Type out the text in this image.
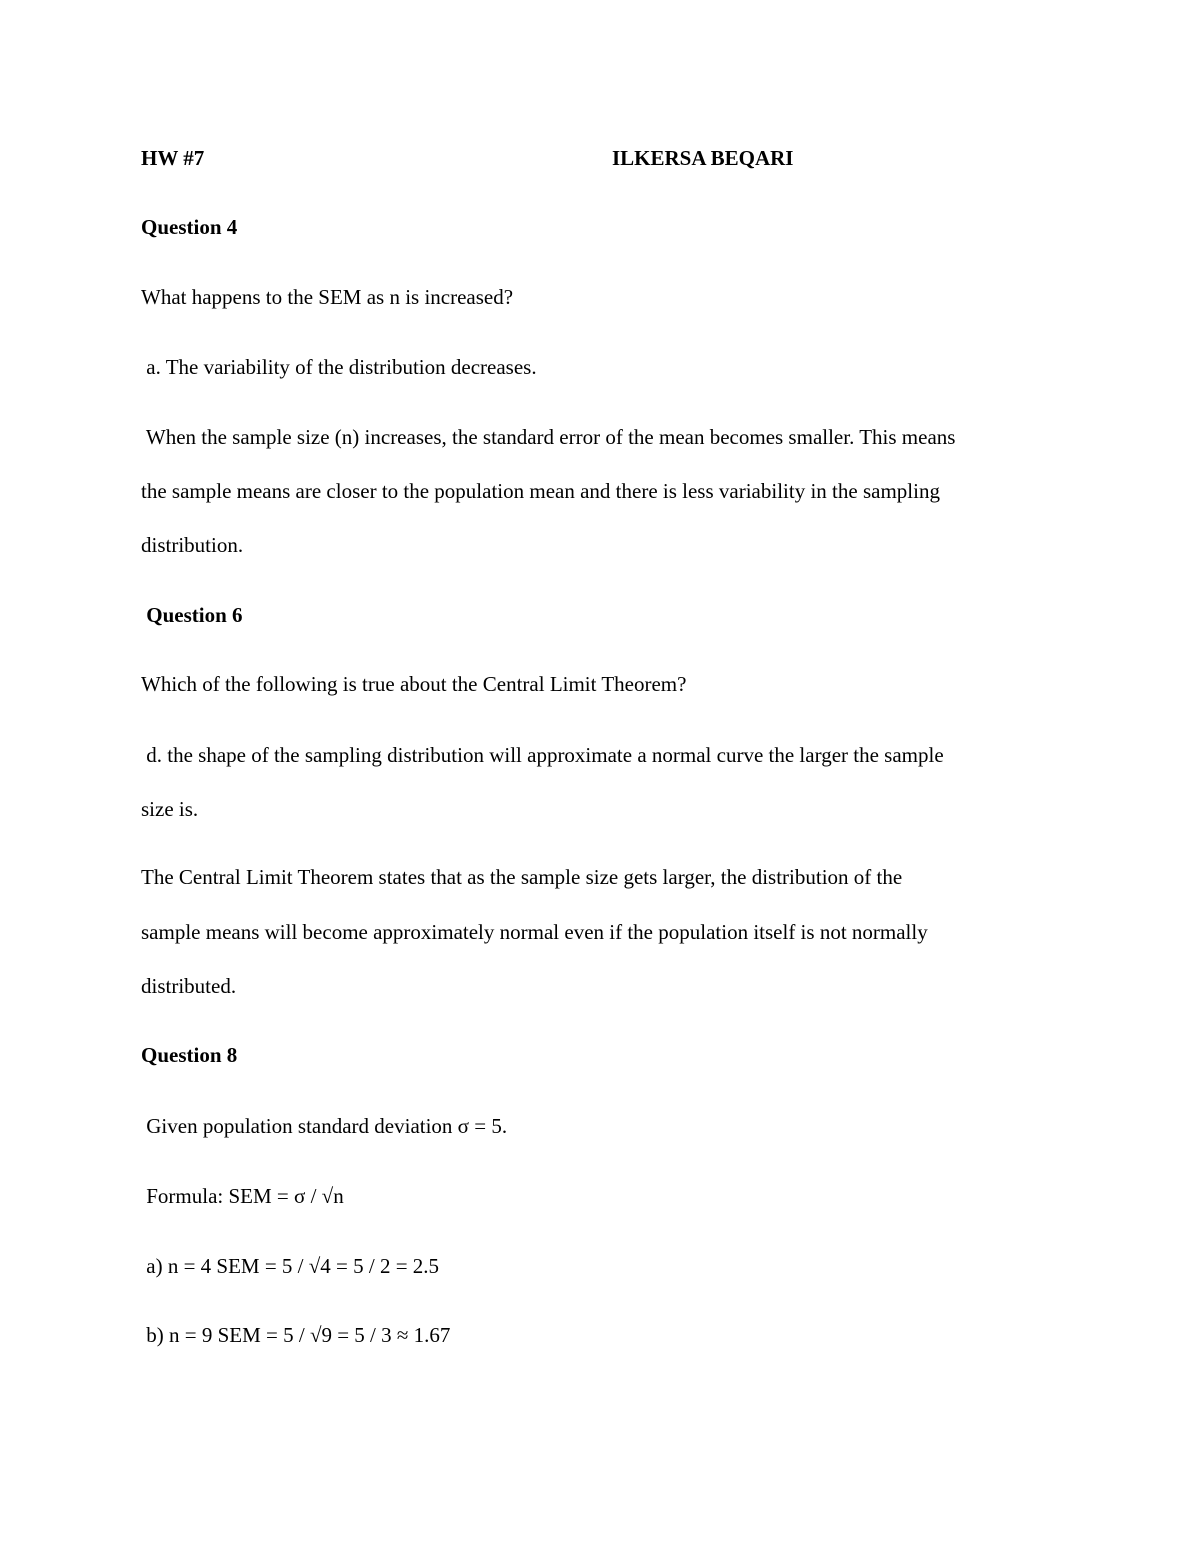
HW #7	ILKERSA BEQARI
Question 4
What happens to the SEM as n is increased?
a. The variability of the distribution decreases.
When the sample size (n) increases, the standard error of the mean becomes smaller. This means
the sample means are closer to the population mean and there is less variability in the sampling
distribution.
Question 6
Which of the following is true about the Central Limit Theorem?
d. the shape of the sampling distribution will approximate a normal curve the larger the sample
size is.
The Central Limit Theorem states that as the sample size gets larger, the distribution of the
sample means will become approximately normal even if the population itself is not normally
distributed.
Question 8
Given population standard deviation σ = 5.
Formula: SEM = σ / √n
a) n = 4 SEM = 5 / √4 = 5 / 2 = 2.5
b) n = 9 SEM = 5 / √9 = 5 / 3 ≈ 1.67
